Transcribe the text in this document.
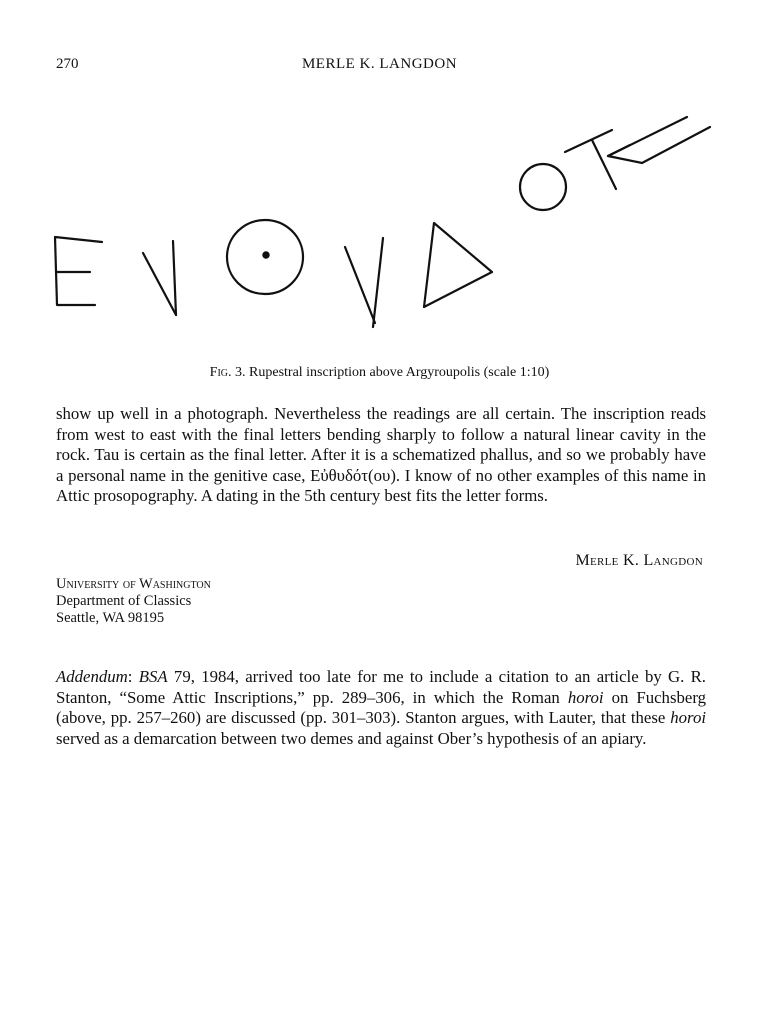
270	MERLE K. LANGDON
Fig. 3. Rupestral inscription above Argyroupolis (scale 1:10)

show up well in a photograph. Nevertheless the readings are all certain. The inscription reads from west to east with the final letters bending sharply to follow a natural linear cavity in the rock. Tau is certain as the final letter. After it is a schematized phallus, and so we probably have a personal name in the genitive case, Εὐθυδότ(ου). I know of no other examples of this name in Attic prosopography. A dating in the 5th century best fits the letter forms.

Merle K. Langdon
University of Washington
Department of Classics
Seattle, WA 98195

Addendum: BSA 79, 1984, arrived too late for me to include a citation to an article by G. R. Stanton, “Some Attic Inscriptions,” pp. 289–306, in which the Roman horoi on Fuchsberg (above, pp. 257–260) are discussed (pp. 301–303). Stanton argues, with Lauter, that these horoi served as a demarcation between two demes and against Ober’s hypothesis of an apiary.
